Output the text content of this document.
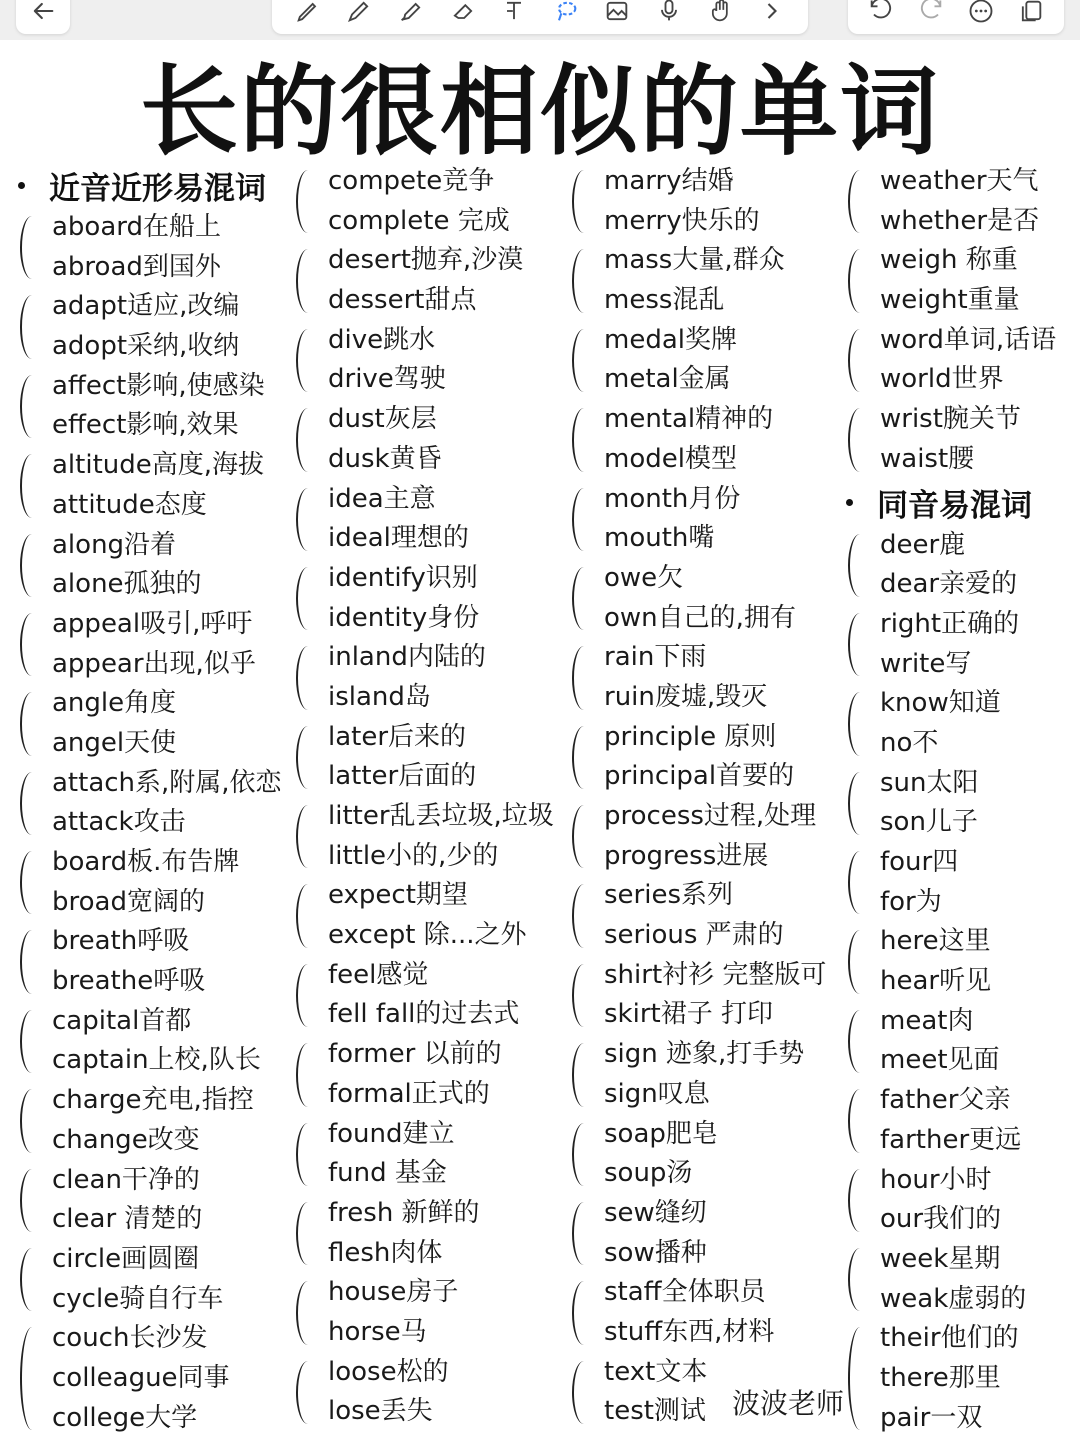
长的很相似的单词
近音近形易混词
aboard在船上
abroad到国外
adapt适应,改编
adopt采纳,收纳
affect影响,使感染
effect影响,效果
altitude高度,海拔
attitude态度
along沿着
alone孤独的
appeal吸引,呼吁
appear出现,似乎
angle角度
angel天使
attach系,附属,依恋
attack攻击
board板.布告牌
broad宽阔的
breath呼吸
breathe呼吸
capital首都
captain上校,队长
charge充电,指控
change改变
clean干净的
clear 清楚的
circle画圆圈
cycle骑自行车
couch长沙发
colleague同事
college大学
compete竞争
complete 完成
desert抛弃,沙漠
dessert甜点
dive跳水
drive驾驶
dust灰层
dusk黄昏
idea主意
ideal理想的
identify识别
identity身份
inland内陆的
island岛
later后来的
latter后面的
litter乱丢垃圾,垃圾
little小的,少的
expect期望
except 除...之外
feel感觉
fell fall的过去式
former 以前的
formal正式的
found建立
fund 基金
fresh 新鲜的
flesh肉体
house房子
horse马
loose松的
lose丢失
marry结婚
merry快乐的
mass大量,群众
mess混乱
medal奖牌
metal金属
mental精神的
model模型
month月份
mouth嘴
owe欠
own自己的,拥有
rain下雨
ruin废墟,毁灭
principle 原则
principal首要的
process过程,处理
progress进展
series系列
serious 严肃的
shirt衬衫 完整版可
skirt裙子 打印
sign 迹象,打手势
sign叹息
soap肥皂
soup汤
sew缝纫
sow播种
staff全体职员
stuff东西,材料
text文本
test测试
weather天气
whether是否
weigh 称重
weight重量
word单词,话语
world世界
wrist腕关节
waist腰
同音易混词
deer鹿
dear亲爱的
right正确的
write写
know知道
no不
sun太阳
son儿子
four四
for为
here这里
hear听见
meat肉
meet见面
father父亲
farther更远
hour小时
our我们的
week星期
weak虚弱的
their他们的
there那里
pair一双
波波老师
